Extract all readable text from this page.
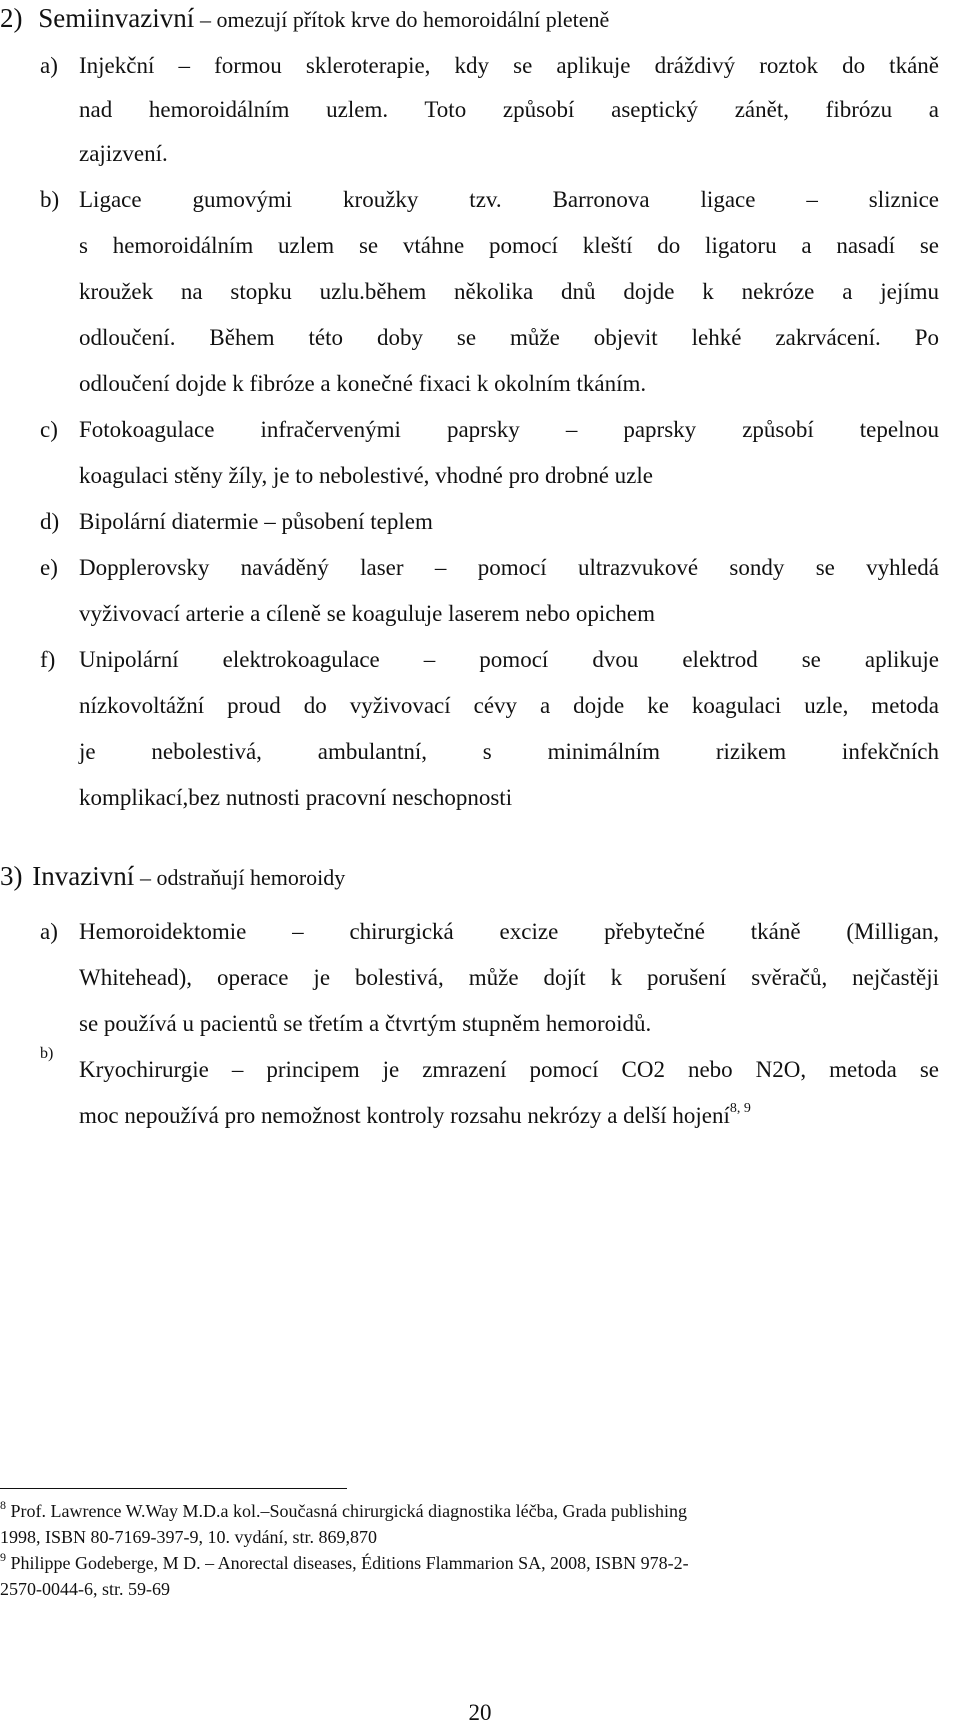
2) Semiinvazivní – omezují přítok krve do hemoroidální pleteně
a) Injekční – formou skleroterapie, kdy se aplikuje dráždivý roztok do tkáně
nad hemoroidálním uzlem. Toto způsobí aseptický zánět, fibrózu a
zajizvení.
b) Ligace gumovými kroužky tzv. Barronova ligace – sliznice
s hemoroidálním uzlem se vtáhne pomocí kleští do ligatoru a nasadí se
kroužek na stopku uzlu.během několika dnů dojde k nekróze a jejímu
odloučení. Během této doby se může objevit lehké zakrvácení. Po
odloučení dojde k fibróze a konečné fixaci k okolním tkáním.
c) Fotokoagulace infračervenými paprsky – paprsky způsobí tepelnou
koagulaci stěny žíly, je to nebolestivé, vhodné pro drobné uzle
d) Bipolární diatermie – působení teplem
e) Dopplerovsky naváděný laser – pomocí ultrazvukové sondy se vyhledá
vyživovací arterie a cíleně se koaguluje laserem nebo opichem
f) Unipolární elektrokoagulace – pomocí dvou elektrod se aplikuje
nízkovoltážní proud do vyživovací cévy a dojde ke koagulaci uzle, metoda
je nebolestivá, ambulantní, s minimálním rizikem infekčních
komplikací,bez nutnosti pracovní neschopnosti
3) Invazivní – odstraňují hemoroidy
a) Hemoroidektomie – chirurgická excize přebytečné tkáně (Milligan,
Whitehead), operace je bolestivá, může dojít k porušení svěračů, nejčastěji
se používá u pacientů se třetím a čtvrtým stupněm hemoroidů.
b)
Kryochirurgie – principem je zmrazení pomocí CO2 nebo N2O, metoda se
moc nepoužívá pro nemožnost kontroly rozsahu nekrózy a delší hojení$^{8, 9}$
$^8$ Prof. Lawrence W.Way M.D.a kol.–Současná chirurgická diagnostika léčba, Grada publishing
1998, ISBN 80-7169-397-9, 10. vydání, str. 869,870
$^9$ Philippe Godeberge, M D. – Anorectal diseases, Éditions Flammarion SA, 2008, ISBN 978-2-
2570-0044-6, str. 59-69
20
